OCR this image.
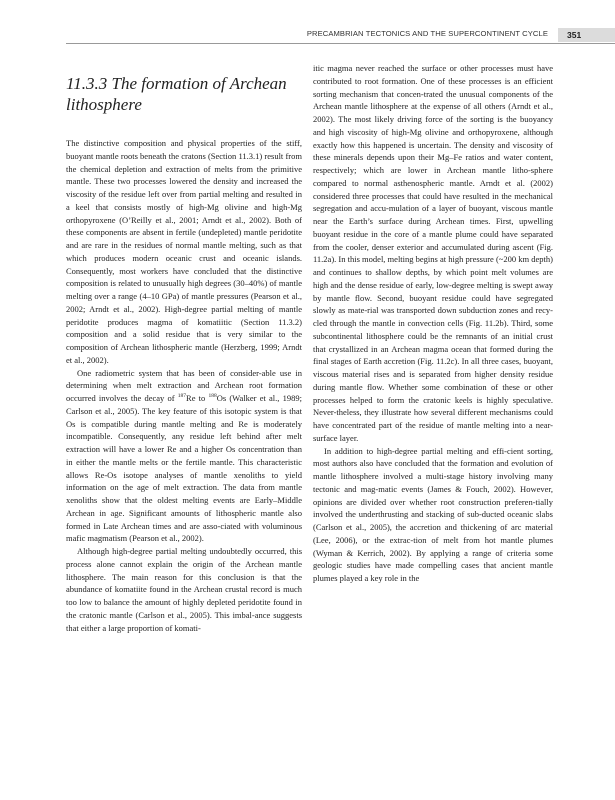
PRECAMBRIAN TECTONICS AND THE SUPERCONTINENT CYCLE	351
11.3.3 The formation of Archean lithosphere

The distinctive composition and physical properties of the stiff, buoyant mantle roots beneath the cratons (Section 11.3.1) result from the chemical depletion and extraction of melts from the primitive mantle. These two processes lowered the density and increased the viscosity of the residue left over from partial melting and resulted in a keel that consists mostly of high-Mg olivine and high-Mg orthopyroxene (O’Reilly et al., 2001; Arndt et al., 2002). Both of these components are absent in fertile (undepleted) mantle peridotite and are rare in the residues of normal mantle melting, such as that which produces modern oceanic crust and oceanic islands. Consequently, most workers have concluded that the distinctive composition is related to unusually high degrees (30–40%) of mantle melting over a range (4–10 GPa) of mantle pressures (Pearson et al., 2002; Arndt et al., 2002). High-degree partial melting of mantle peridotite produces magma of komatiitic (Section 11.3.2) composition and a solid residue that is very similar to the composition of Archean lithospheric mantle (Herzberg, 1999; Arndt et al., 2002).

One radiometric system that has been of consider-able use in determining when melt extraction and Archean root formation occurred involves the decay of $^{187}$Re to $^{188}$Os (Walker et al., 1989; Carlson et al., 2005). The key feature of this isotopic system is that Os is compatible during mantle melting and Re is moderately incompatible. Consequently, any residue left behind after melt extraction will have a lower Re and a higher Os concentration than in either the mantle melts or the fertile mantle. This characteristic allows Re-Os isotope analyses of mantle xenoliths to yield information on the age of melt extraction. The data from mantle xenoliths show that the oldest melting events are Early–Middle Archean in age. Significant amounts of lithospheric mantle also formed in Late Archean times and are asso-ciated with voluminous mafic magmatism (Pearson et al., 2002).

Although high-degree partial melting undoubtedly occurred, this process alone cannot explain the origin of the Archean mantle lithosphere. The main reason for this conclusion is that the abundance of komatiite found in the Archean crustal record is much too low to balance the amount of highly depleted peridotite found in the cratonic mantle (Carlson et al., 2005). This imbal-ance suggests that either a large proportion of komati-

itic magma never reached the surface or other processes must have contributed to root formation. One of these processes is an efficient sorting mechanism that concen-trated the unusual components of the Archean mantle lithosphere at the expense of all others (Arndt et al., 2002). The most likely driving force of the sorting is the buoyancy and high viscosity of high-Mg olivine and orthopyroxene, although exactly how this happened is uncertain. The density and viscosity of these minerals depends upon their Mg–Fe ratios and water content, respectively; which are lower in Archean mantle litho-sphere compared to normal asthenospheric mantle. Arndt et al. (2002) considered three processes that could have resulted in the mechanical segregation and accu-mulation of a layer of buoyant, viscous mantle near the Earth’s surface during Archean times. First, upwelling buoyant residue in the core of a mantle plume could have separated from the cooler, denser exterior and accumulated during ascent (Fig. 11.2a). In this model, melting begins at high pressure (~200 km depth) and continues to shallow depths, by which point melt volumes are high and the dense residue of early, low-degree melting is swept away by mantle flow. Second, buoyant residue could have segregated slowly as mate-rial was transported down subduction zones and recy-cled through the mantle in convection cells (Fig. 11.2b). Third, some subcontinental lithosphere could be the remnants of an initial crust that crystallized in an Archean magma ocean that formed during the final stages of Earth accretion (Fig. 11.2c). In all three cases, buoyant, viscous material rises and is separated from higher density residue during mantle flow. Whether some combination of these or other processes helped to form the cratonic keels is highly speculative. Never-theless, they illustrate how several different mechanisms could have concentrated part of the residue of mantle melting into a near-surface layer.

In addition to high-degree partial melting and effi-cient sorting, most authors also have concluded that the formation and evolution of mantle lithosphere involved a multi-stage history involving many tectonic and mag-matic events (James & Fouch, 2002). However, opinions are divided over whether root construction preferen-tially involved the underthrusting and stacking of sub-ducted oceanic slabs (Carlson et al., 2005), the accretion and thickening of arc material (Lee, 2006), or the extrac-tion of melt from hot mantle plumes (Wyman & Kerrich, 2002). By applying a range of criteria some geologic studies have made compelling cases that ancient mantle plumes played a key role in the
